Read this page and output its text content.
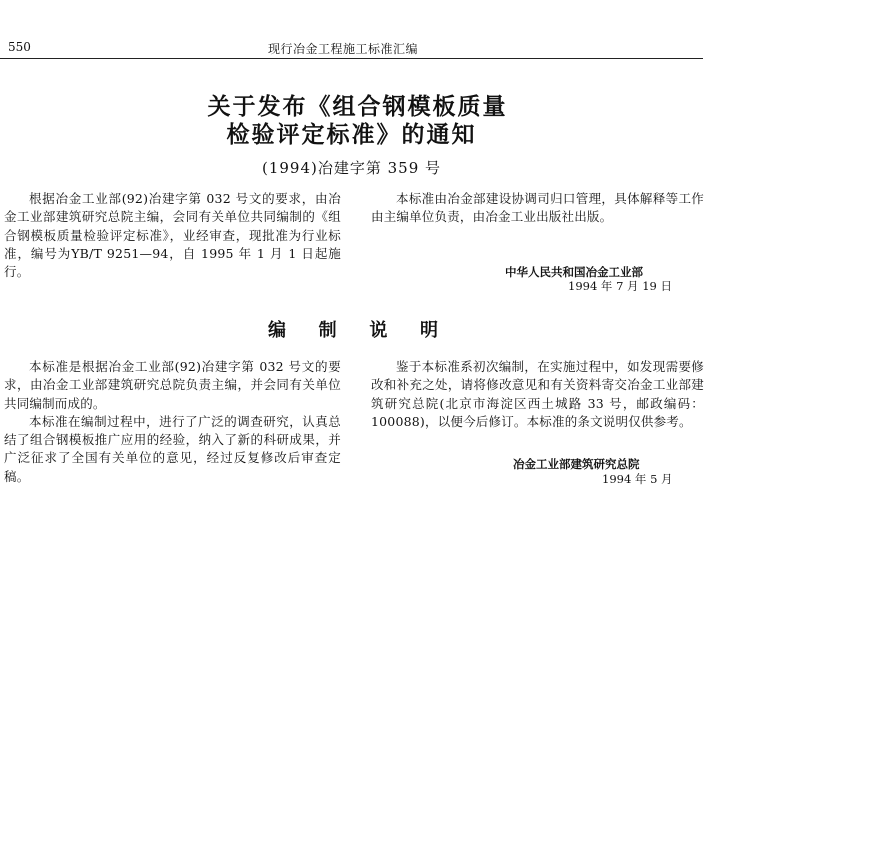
550	现行冶金工程施工标准汇编
关于发布《组合钢模板质量
检验评定标准》的通知
(1994)冶建字第 359 号

根据冶金工业部(92)冶建字第 032 号文的要求，由冶金工业部建筑研究总院主编，会同有关单位共同编制的《组合钢模板质量检验评定标准》，业经审查，现批准为行业标准，编号为YB/T 9251—94，自 1995 年 1 月 1 日起施行。

本标准由冶金部建设协调司归口管理，具体解释等工作由主编单位负责，由冶金工业出版社出版。

中华人民共和国冶金工业部
1994 年 7 月 19 日
编 制 说 明

本标准是根据冶金工业部(92)冶建字第 032 号文的要求，由冶金工业部建筑研究总院负责主编，并会同有关单位共同编制而成的。

本标准在编制过程中，进行了广泛的调查研究，认真总结了组合钢模板推广应用的经验，纳入了新的科研成果，并广泛征求了全国有关单位的意见，经过反复修改后审查定稿。

鉴于本标准系初次编制，在实施过程中，如发现需要修改和补充之处，请将修改意见和有关资料寄交冶金工业部建筑研究总院(北京市海淀区西土城路 33 号，邮政编码：100088)，以便今后修订。本标准的条文说明仅供参考。

冶金工业部建筑研究总院
1994 年 5 月
